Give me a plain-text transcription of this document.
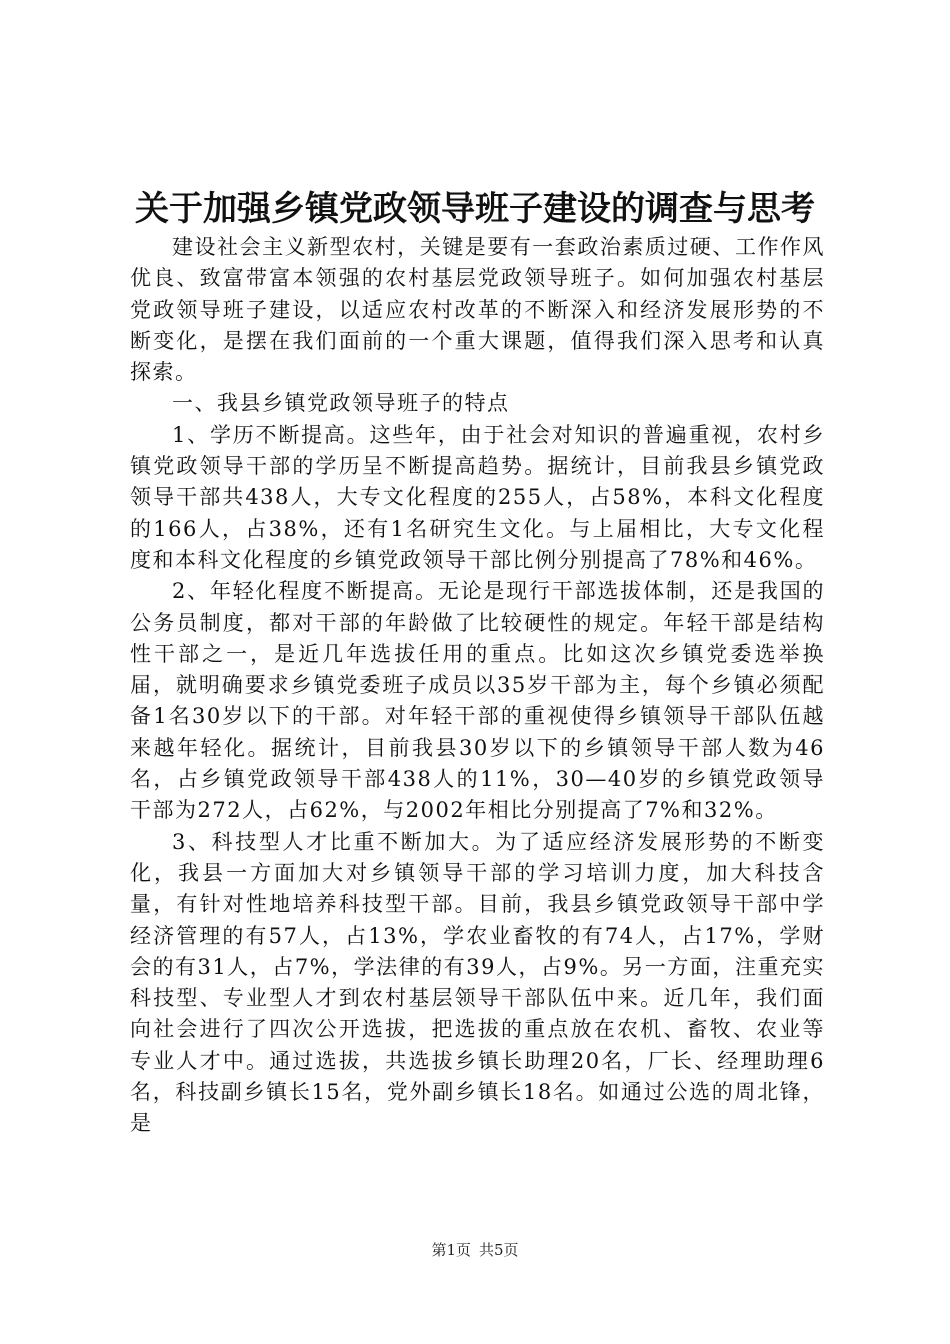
关于加强乡镇党政领导班子建设的调查与思考

建设社会主义新型农村，关键是要有一套政治素质过硬、工作作风优良、致富带富本领强的农村基层党政领导班子。如何加强农村基层党政领导班子建设，以适应农村改革的不断深入和经济发展形势的不断变化，是摆在我们面前的一个重大课题，值得我们深入思考和认真探索。

一、我县乡镇党政领导班子的特点

1、学历不断提高。这些年，由于社会对知识的普遍重视，农村乡镇党政领导干部的学历呈不断提高趋势。据统计，目前我县乡镇党政领导干部共438人，大专文化程度的255人，占58%，本科文化程度的166人，占38%，还有1名研究生文化。与上届相比，大专文化程度和本科文化程度的乡镇党政领导干部比例分别提高了78%和46%。

2、年轻化程度不断提高。无论是现行干部选拔体制，还是我国的公务员制度，都对干部的年龄做了比较硬性的规定。年轻干部是结构性干部之一，是近几年选拔任用的重点。比如这次乡镇党委选举换届，就明确要求乡镇党委班子成员以35岁干部为主，每个乡镇必须配备1名30岁以下的干部。对年轻干部的重视使得乡镇领导干部队伍越来越年轻化。据统计，目前我县30岁以下的乡镇领导干部人数为46名，占乡镇党政领导干部438人的11%，30—40岁的乡镇党政领导干部为272人，占62%，与2002年相比分别提高了7%和32%。

3、科技型人才比重不断加大。为了适应经济发展形势的不断变化，我县一方面加大对乡镇领导干部的学习培训力度，加大科技含量，有针对性地培养科技型干部。目前，我县乡镇党政领导干部中学经济管理的有57人，占13%，学农业畜牧的有74人，占17%，学财会的有31人，占7%，学法律的有39人，占9%。另一方面，注重充实科技型、专业型人才到农村基层领导干部队伍中来。近几年，我们面向社会进行了四次公开选拔，把选拔的重点放在农机、畜牧、农业等专业人才中。通过选拔，共选拔乡镇长助理20名，厂长、经理助理6名，科技副乡镇长15名，党外副乡镇长18名。如通过公选的周北锋，是

第1页 共5页
